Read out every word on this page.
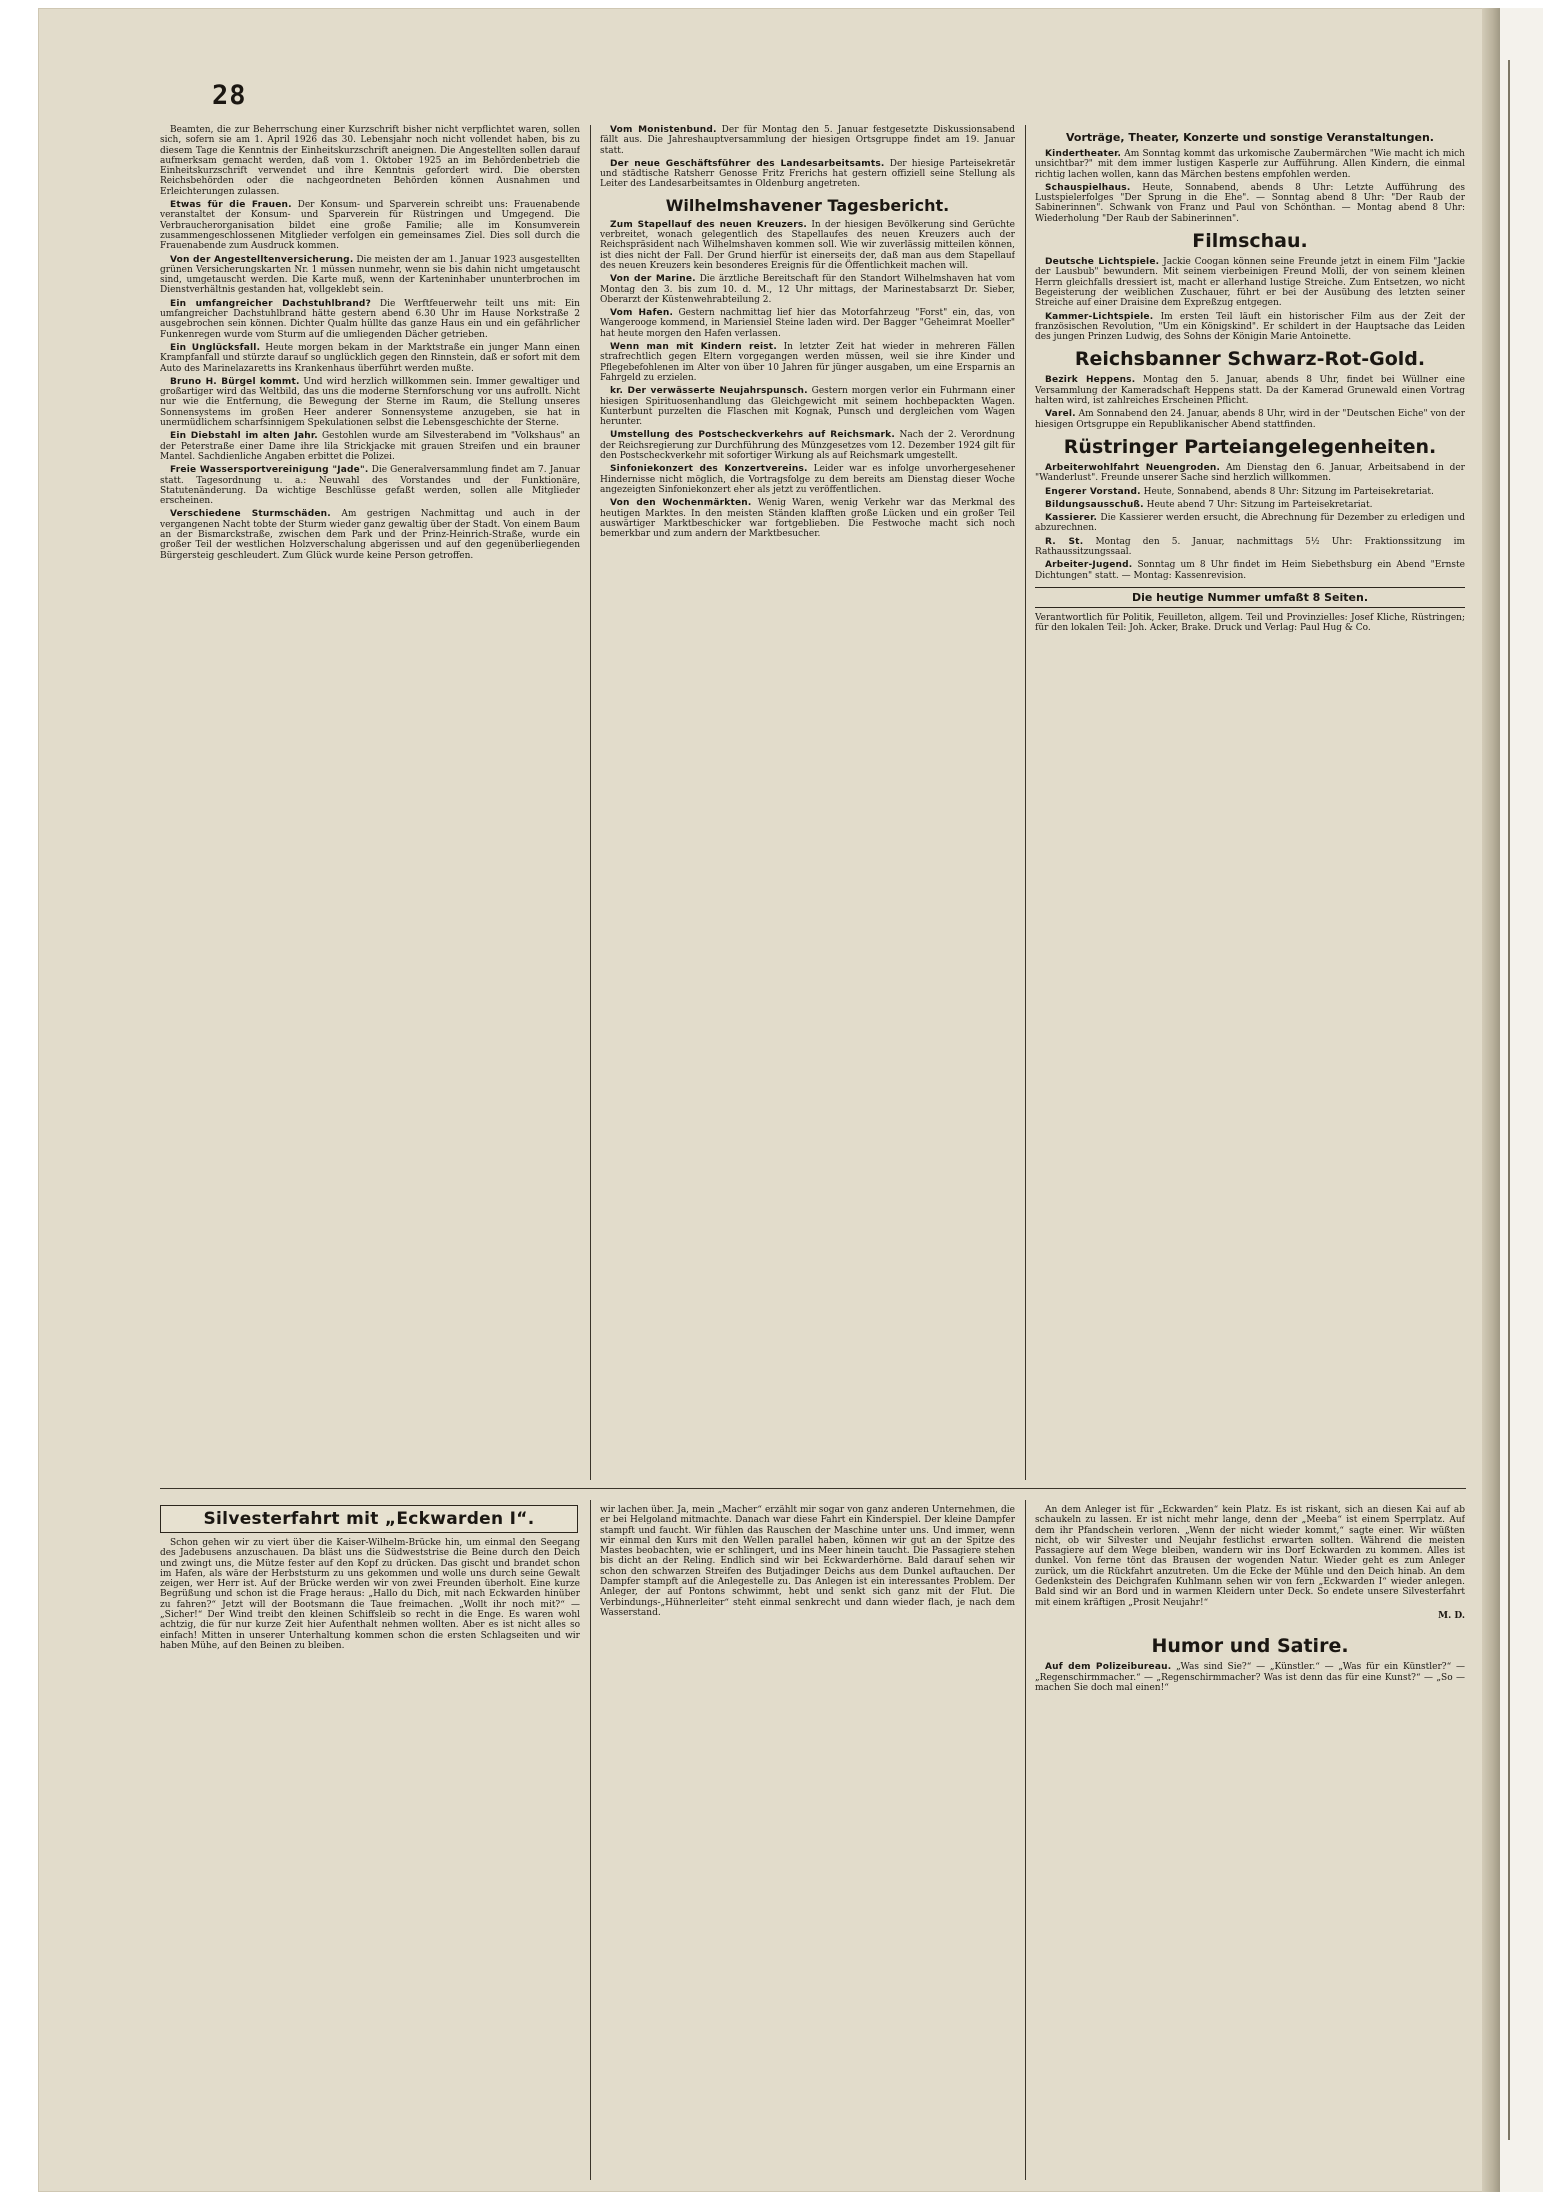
28

Beamten, die zur Beherrschung einer Kurzschrift bisher nicht verpflichtet waren, sollen sich, sofern sie am 1. April 1926 das 30. Lebensjahr noch nicht vollendet haben, bis zu diesem Tage die Kenntnis der Einheitskurzschrift aneignen. Die Angestellten sollen darauf aufmerksam gemacht werden, daß vom 1. Oktober 1925 an im Behördenbetrieb die Einheitskurzschrift verwendet und ihre Kenntnis gefordert wird. Die obersten Reichsbehörden oder die nachgeordneten Behörden können Ausnahmen und Erleichterungen zulassen.

Etwas für die Frauen. Der Konsum- und Sparverein schreibt uns: Frauenabende veranstaltet der Konsum- und Sparverein für Rüstringen und Umgegend. Die Verbraucherorganisation bildet eine große Familie; alle im Konsumverein zusammengeschlossenen Mitglieder verfolgen ein gemeinsames Ziel. Dies soll durch die Frauenabende zum Ausdruck kommen.

Von der Angestelltenversicherung. Die meisten der am 1. Januar 1923 ausgestellten grünen Versicherungskarten Nr. 1 müssen nunmehr, wenn sie bis dahin nicht umgetauscht sind, umgetauscht werden. Die Karte muß, wenn der Karteninhaber ununterbrochen im Dienstverhältnis gestanden hat, vollgeklebt sein.

Ein umfangreicher Dachstuhlbrand? Die Werftfeuerwehr teilt uns mit: Ein umfangreicher Dachstuhlbrand hätte gestern abend 6.30 Uhr im Hause Norkstraße 2 ausgebrochen sein können. Dichter Qualm hüllte das ganze Haus ein und ein gefährlicher Funkenregen wurde vom Sturm auf die umliegenden Dächer getrieben.

Ein Unglücksfall. Heute morgen bekam in der Marktstraße ein junger Mann einen Krampfanfall und stürzte darauf so unglücklich gegen den Rinnstein, daß er sofort mit dem Auto des Marinelazaretts ins Krankenhaus überführt werden mußte.

Bruno H. Bürgel kommt. Und wird herzlich willkommen sein. Immer gewaltiger und großartiger wird das Weltbild, das uns die moderne Sternforschung vor uns aufrollt. Nicht nur wie die Entfernung, die Bewegung der Sterne im Raum, die Stellung unseres Sonnensystems im großen Heer anderer Sonnensysteme anzugeben, sie hat in unermüdlichem scharfsinnigem Spekulationen selbst die Lebensgeschichte der Sterne.

Ein Diebstahl im alten Jahr. Gestohlen wurde am Silvesterabend im "Volkshaus" an der Peterstraße einer Dame ihre lila Strickjacke mit grauen Streifen und ein brauner Mantel. Sachdienliche Angaben erbittet die Polizei.

Freie Wassersportvereinigung "Jade". Die Generalversammlung findet am 7. Januar statt. Tagesordnung u. a.: Neuwahl des Vorstandes und der Funktionäre, Statutenänderung. Da wichtige Beschlüsse gefaßt werden, sollen alle Mitglieder erscheinen.

Verschiedene Sturmschäden. Am gestrigen Nachmittag und auch in der vergangenen Nacht tobte der Sturm wieder ganz gewaltig über der Stadt. Von einem Baum an der Bismarckstraße, zwischen dem Park und der Prinz-Heinrich-Straße, wurde ein großer Teil der westlichen Holzverschalung abgerissen und auf den gegenüberliegenden Bürgersteig geschleudert. Zum Glück wurde keine Person getroffen.

Vom Monistenbund. Der für Montag den 5. Januar festgesetzte Diskussionsabend fällt aus. Die Jahreshauptversammlung der hiesigen Ortsgruppe findet am 19. Januar statt.

Der neue Geschäftsführer des Landesarbeitsamts. Der hiesige Parteisekretär und städtische Ratsherr Genosse Fritz Frerichs hat gestern offiziell seine Stellung als Leiter des Landesarbeitsamtes in Oldenburg angetreten.

Wilhelmshavener Tagesbericht.

Zum Stapellauf des neuen Kreuzers. In der hiesigen Bevölkerung sind Gerüchte verbreitet, wonach gelegentlich des Stapellaufes des neuen Kreuzers auch der Reichspräsident nach Wilhelmshaven kommen soll. Wie wir zuverlässig mitteilen können, ist dies nicht der Fall. Der Grund hierfür ist einerseits der, daß man aus dem Stapellauf des neuen Kreuzers kein besonderes Ereignis für die Öffentlichkeit machen will.

Von der Marine. Die ärztliche Bereitschaft für den Standort Wilhelmshaven hat vom Montag den 3. bis zum 10. d. M., 12 Uhr mittags, der Marinestabsarzt Dr. Sieber, Oberarzt der Küstenwehrabteilung 2.

Vom Hafen. Gestern nachmittag lief hier das Motorfahrzeug "Forst" ein, das, von Wangerooge kommend, in Mariensiel Steine laden wird. Der Bagger "Geheimrat Moeller" hat heute morgen den Hafen verlassen.

Wenn man mit Kindern reist. In letzter Zeit hat wieder in mehreren Fällen strafrechtlich gegen Eltern vorgegangen werden müssen, weil sie ihre Kinder und Pflegebefohlenen im Alter von über 10 Jahren für jünger ausgaben, um eine Ersparnis an Fahrgeld zu erzielen.

kr. Der verwässerte Neujahrspunsch. Gestern morgen verlor ein Fuhrmann einer hiesigen Spirituosenhandlung das Gleichgewicht mit seinem hochbepackten Wagen. Kunterbunt purzelten die Flaschen mit Kognak, Punsch und dergleichen vom Wagen herunter.

Umstellung des Postscheckverkehrs auf Reichsmark. Nach der 2. Verordnung der Reichsregierung zur Durchführung des Münzgesetzes vom 12. Dezember 1924 gilt für den Postscheckverkehr mit sofortiger Wirkung als auf Reichsmark umgestellt.

Sinfoniekonzert des Konzertvereins. Leider war es infolge unvorhergesehener Hindernisse nicht möglich, die Vortragsfolge zu dem bereits am Dienstag dieser Woche angezeigten Sinfoniekonzert eher als jetzt zu veröffentlichen.

Von den Wochenmärkten. Wenig Waren, wenig Verkehr war das Merkmal des heutigen Marktes. In den meisten Ständen klafften große Lücken und ein großer Teil auswärtiger Marktbeschicker war fortgeblieben. Die Festwoche macht sich noch bemerkbar und zum andern der Marktbesucher.

Vorträge, Theater, Konzerte und sonstige Veranstaltungen.

Kindertheater. Am Sonntag kommt das urkomische Zaubermärchen "Wie macht ich mich unsichtbar?" mit dem immer lustigen Kasperle zur Aufführung. Allen Kindern, die einmal richtig lachen wollen, kann das Märchen bestens empfohlen werden.

Schauspielhaus. Heute, Sonnabend, abends 8 Uhr: Letzte Aufführung des Lustspielerfolges "Der Sprung in die Ehe". — Sonntag abend 8 Uhr: "Der Raub der Sabinerinnen". Schwank von Franz und Paul von Schönthan. — Montag abend 8 Uhr: Wiederholung "Der Raub der Sabinerinnen".

Filmschau.

Deutsche Lichtspiele. Jackie Coogan können seine Freunde jetzt in einem Film "Jackie der Lausbub" bewundern. Mit seinem vierbeinigen Freund Molli, der von seinem kleinen Herrn gleichfalls dressiert ist, macht er allerhand lustige Streiche. Zum Entsetzen, wo nicht Begeisterung der weiblichen Zuschauer, führt er bei der Ausübung des letzten seiner Streiche auf einer Draisine dem Expreßzug entgegen.

Kammer-Lichtspiele. Im ersten Teil läuft ein historischer Film aus der Zeit der französischen Revolution, "Um ein Königskind". Er schildert in der Hauptsache das Leiden des jungen Prinzen Ludwig, des Sohns der Königin Marie Antoinette.

Reichsbanner Schwarz-Rot-Gold.

Bezirk Heppens. Montag den 5. Januar, abends 8 Uhr, findet bei Wüllner eine Versammlung der Kameradschaft Heppens statt. Da der Kamerad Grunewald einen Vortrag halten wird, ist zahlreiches Erscheinen Pflicht.

Varel. Am Sonnabend den 24. Januar, abends 8 Uhr, wird in der "Deutschen Eiche" von der hiesigen Ortsgruppe ein Republikanischer Abend stattfinden.

Rüstringer Parteiangelegenheiten.

Arbeiterwohlfahrt Neuengroden. Am Dienstag den 6. Januar, Arbeitsabend in der "Wanderlust". Freunde unserer Sache sind herzlich willkommen.

Engerer Vorstand. Heute, Sonnabend, abends 8 Uhr: Sitzung im Parteisekretariat.

Bildungsausschuß. Heute abend 7 Uhr: Sitzung im Parteisekretariat.

Kassierer. Die Kassierer werden ersucht, die Abrechnung für Dezember zu erledigen und abzurechnen.

R. St. Montag den 5. Januar, nachmittags 5½ Uhr: Fraktionssitzung im Rathaussitzungssaal.

Arbeiter-Jugend. Sonntag um 8 Uhr findet im Heim Siebethsburg ein Abend "Ernste Dichtungen" statt. — Montag: Kassenrevision.

Die heutige Nummer umfaßt 8 Seiten.

Verantwortlich für Politik, Feuilleton, allgem. Teil und Provinzielles: Josef Kliche, Rüstringen; für den lokalen Teil: Joh. Acker, Brake. Druck und Verlag: Paul Hug & Co.

Silvesterfahrt mit „Eckwarden I“.

Schon gehen wir zu viert über die Kaiser-Wilhelm-Brücke hin, um einmal den Seegang des Jadebusens anzuschauen. Da bläst uns die Südweststrise die Beine durch den Deich und zwingt uns, die Mütze fester auf den Kopf zu drücken. Das gischt und brandet schon im Hafen, als wäre der Herbststurm zu uns gekommen und wolle uns durch seine Gewalt zeigen, wer Herr ist. Auf der Brücke werden wir von zwei Freunden überholt. Eine kurze Begrüßung und schon ist die Frage heraus: „Hallo du Dich, mit nach Eckwarden hinüber zu fahren?“ Jetzt will der Bootsmann die Taue freimachen. „Wollt ihr noch mit?“ — „Sicher!“ Der Wind treibt den kleinen Schiffsleib so recht in die Enge. Es waren wohl achtzig, die für nur kurze Zeit hier Aufenthalt nehmen wollten. Aber es ist nicht alles so einfach! Mitten in unserer Unterhaltung kommen schon die ersten Schlagseiten und wir haben Mühe, auf den Beinen zu bleiben.

wir lachen über. Ja, mein „Macher“ erzählt mir sogar von ganz anderen Unternehmen, die er bei Helgoland mitmachte. Danach war diese Fahrt ein Kinderspiel. Der kleine Dampfer stampft und faucht. Wir fühlen das Rauschen der Maschine unter uns. Und immer, wenn wir einmal den Kurs mit den Wellen parallel haben, können wir gut an der Spitze des Mastes beobachten, wie er schlingert, und ins Meer hinein taucht. Die Passagiere stehen bis dicht an der Reling. Endlich sind wir bei Eckwarderhörne. Bald darauf sehen wir schon den schwarzen Streifen des Butjadinger Deichs aus dem Dunkel auftauchen. Der Dampfer stampft auf die Anlegestelle zu. Das Anlegen ist ein interessantes Problem. Der Anleger, der auf Pontons schwimmt, hebt und senkt sich ganz mit der Flut. Die Verbindungs-„Hühnerleiter“ steht einmal senkrecht und dann wieder flach, je nach dem Wasserstand.

An dem Anleger ist für „Eckwarden“ kein Platz. Es ist riskant, sich an diesen Kai auf ab schaukeln zu lassen. Er ist nicht mehr lange, denn der „Meeba“ ist einem Sperrplatz. Auf dem ihr Pfandschein verloren. „Wenn der nicht wieder kommt,“ sagte einer. Wir wüßten nicht, ob wir Silvester und Neujahr festlichst erwarten sollten. Während die meisten Passagiere auf dem Wege bleiben, wandern wir ins Dorf Eckwarden zu kommen. Alles ist dunkel. Von ferne tönt das Brausen der wogenden Natur. Wieder geht es zum Anleger zurück, um die Rückfahrt anzutreten. Um die Ecke der Mühle und den Deich hinab. An dem Gedenkstein des Deichgrafen Kuhlmann sehen wir von fern „Eckwarden I“ wieder anlegen. Bald sind wir an Bord und in warmen Kleidern unter Deck. So endete unsere Silvesterfahrt mit einem kräftigen „Prosit Neujahr!“

M. D.

Humor und Satire.

Auf dem Polizeibureau. „Was sind Sie?“ — „Künstler.“ — „Was für ein Künstler?“ — „Regenschirmmacher.“ — „Regenschirmmacher? Was ist denn das für eine Kunst?“ — „So — machen Sie doch mal einen!“
